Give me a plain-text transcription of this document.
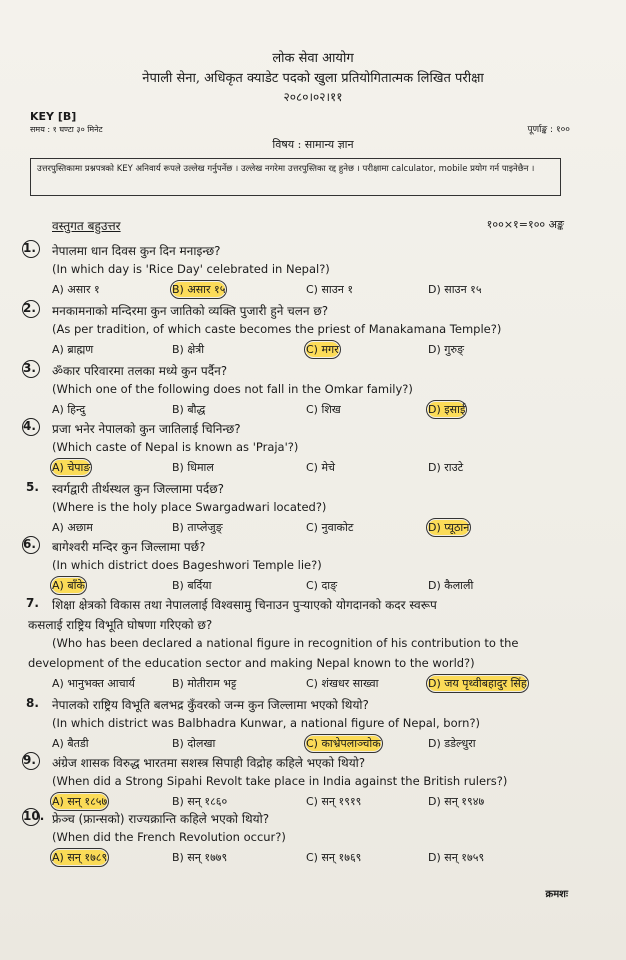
लोक सेवा आयोग
नेपाली सेना, अधिकृत क्याडेट पदको खुला प्रतियोगितात्मक लिखित परीक्षा
२०८०।०२।११
KEY [B]
समय : १ घण्टा ३० मिनेट	पूर्णाङ्क : १००
विषय : सामान्य ज्ञान
उत्तरपुस्तिकामा प्रश्नपत्रको KEY अनिवार्य रूपले उल्लेख गर्नुपर्नेछ । उल्लेख नगरेमा उत्तरपुस्तिका रद्द हुनेछ । परीक्षामा calculator, mobile प्रयोग गर्न पाइनेछैन ।
वस्तुगत बहुउत्तर	१००×१=१०० अङ्क
1.	नेपालमा धान दिवस कुन दिन मनाइन्छ?
(In which day is 'Rice Day' celebrated in Nepal?)
A) असार १	B) असार १५	C) साउन १	D) साउन १५
2.	मनकामनाको मन्दिरमा कुन जातिको व्यक्ति पुजारी हुने चलन छ?
(As per tradition, of which caste becomes the priest of Manakamana Temple?)
A) ब्राह्मण	B) क्षेत्री	C) मगर	D) गुरुङ्
3.	ॐकार परिवारमा तलका मध्ये कुन पर्दैन?
(Which one of the following does not fall in the Omkar family?)
A) हिन्दु	B) बौद्ध	C) शिख	D) इसाई
4.	प्रजा भनेर नेपालको कुन जातिलाई चिनिन्छ?
(Which caste of Nepal is known as 'Praja'?)
A) चेपाङ	B) धिमाल	C) मेचे	D) राउटे
5. स्वर्गद्वारी तीर्थस्थल कुन जिल्लामा पर्दछ?
(Where is the holy place Swargadwari located?)
A) अछाम	B) ताप्लेजुङ्	C) नुवाकोट	D) प्यूठान
6.	बागेश्वरी मन्दिर कुन जिल्लामा पर्छ?
(In which district does Bageshwori Temple lie?)
A) बाँके	B) बर्दिया	C) दाङ्	D) कैलाली
7. शिक्षा क्षेत्रको विकास तथा नेपाललाई विश्वसामु चिनाउन पुऱ्याएको योगदानको कदर स्वरूप
कसलाई राष्ट्रिय विभूति घोषणा गरिएको छ?
(Who has been declared a national figure in recognition of his contribution to the
development of the education sector and making Nepal known to the world?)
A) भानुभक्त आचार्य	B) मोतीराम भट्ट	C) शंखधर साख्वा	D) जय पृथ्वीबहादुर सिंह
8. नेपालको राष्ट्रिय विभूति बलभद्र कुँवरको जन्म कुन जिल्लामा भएको थियो?
(In which district was Balbhadra Kunwar, a national figure of Nepal, born?)
A) बैतडी	B) दोलखा	C) काभ्रेपलाञ्चोक	D) डडेल्धुरा
9.	अंग्रेज शासक विरुद्ध भारतमा सशस्त्र सिपाही विद्रोह कहिले भएको थियो?
(When did a Strong Sipahi Revolt take place in India against the British rulers?)
A) सन् १८५७	B) सन् १८६०	C) सन् १९१९	D) सन् १९४७
10. फ्रेञ्च (फ्रान्सको) राज्यक्रान्ति कहिले भएको थियो?
(When did the French Revolution occur?)
A) सन् १७८९	B) सन् १७७९	C) सन् १७६९	D) सन् १७५९
क्रमशः
